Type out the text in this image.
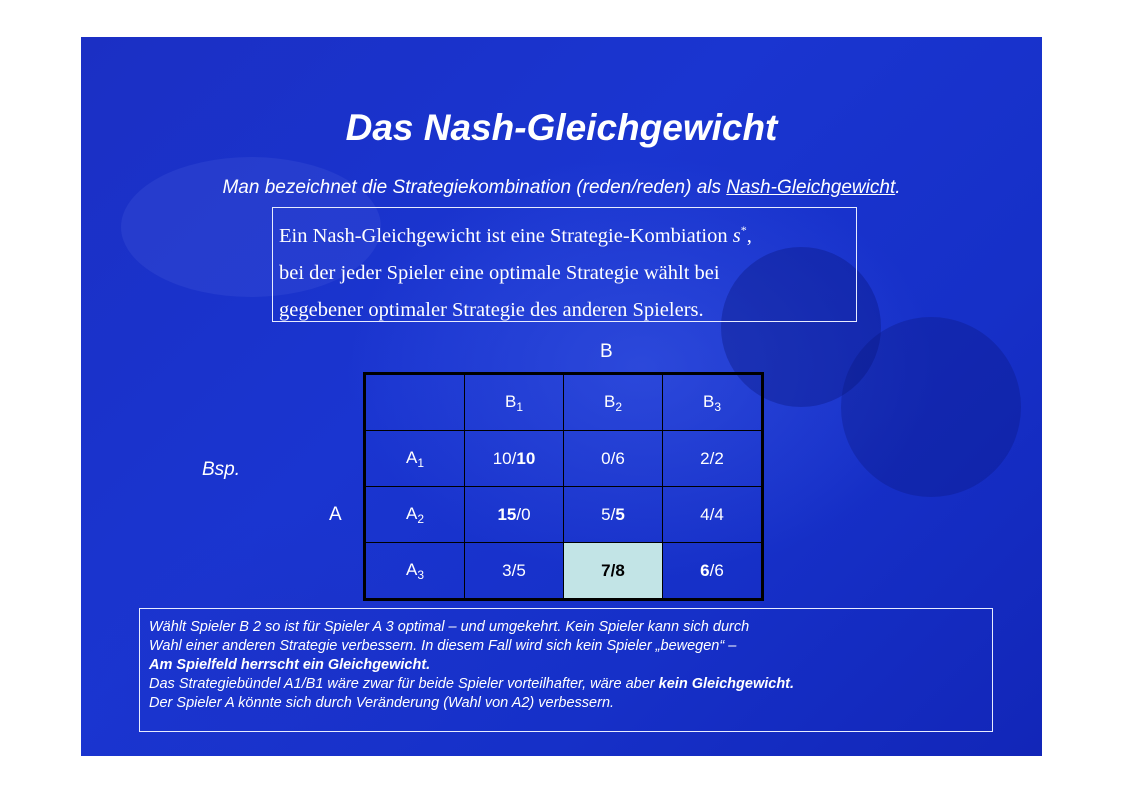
Das Nash-Gleichgewicht
Man bezeichnet die Strategiekombination (reden/reden) als Nash-Gleichgewicht.
Ein Nash-Gleichgewicht ist eine Strategie-Kombiation s*,
bei der jeder Spieler eine optimale Strategie wählt bei
gegebener optimaler Strategie des anderen Spielers.
B
Bsp.
A
	$B_1$	$B_2$	$B_3$
$A_1$	10/10	0/6	2/2
$A_2$	15/0	5/5	4/4
$A_3$	3/5	7/8	6/6
Wählt Spieler B 2 so ist für Spieler A 3 optimal – und umgekehrt. Kein Spieler kann sich durch
Wahl einer anderen Strategie verbessern. In diesem Fall wird sich kein Spieler „bewegen“ –
Am Spielfeld herrscht ein Gleichgewicht.
Das Strategiebündel A1/B1 wäre zwar für beide Spieler vorteilhafter, wäre aber kein Gleichgewicht.
Der Spieler A könnte sich durch Veränderung (Wahl von A2) verbessern.
